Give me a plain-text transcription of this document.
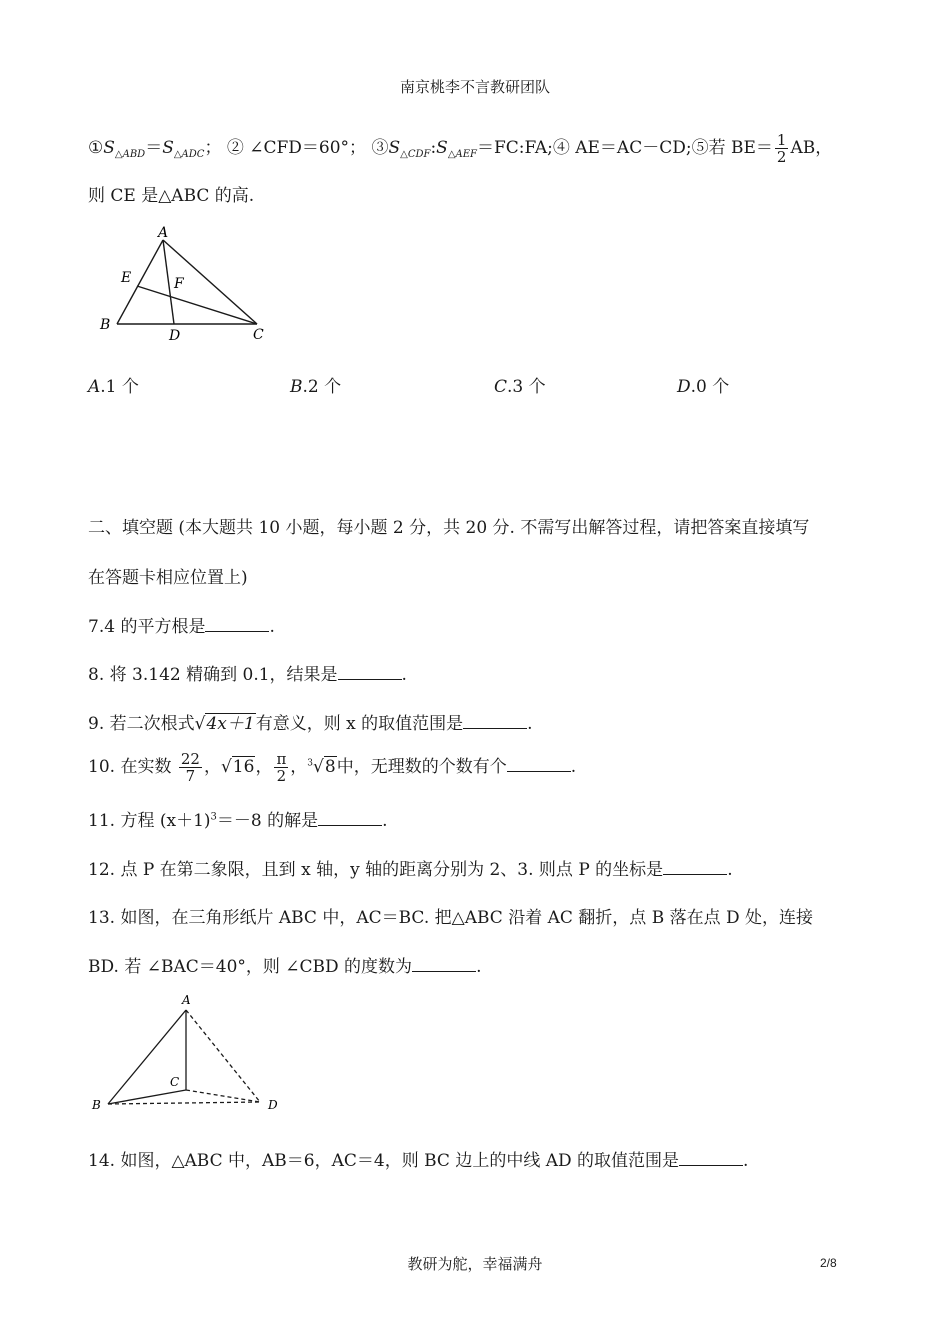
南京桃李不言教研团队
$①S_{\triangle ABD}=S_{\triangle ADC}$； ② ∠CFD＝60°； $③S_{\triangle CDF}:S_{\triangle AEF}=FC:FA;④$ AE＝AC－CD;⑤若 $BE= \frac{1}{2}$ AB，
则 CE 是△ABC 的高.
A
E	F
B
D	C
A.1 个	B.2 个	C.3 个	D.0 个
二、填空题 (本大题共 10 小题，每小题 2 分，共 20 分. 不需写出解答过程，请把答案直接填写
在答题卡相应位置上)
7.4 的平方根是	.
8. 将 3.142 精确到 0.1，结果是	.
9. 若二次根式√4x＋1有意义，则 x 的取值范围是	.
10. 在实数 $\frac{22}{7}$ ，√16， $\frac{\pi}{2}$ ，$^3$√8中，无理数的个数有个	.
11. 方程 $(x+1)^3=-8$ 的解是	.
12. 点 P 在第二象限，且到 x 轴，y 轴的距离分别为 2、3. 则点 P 的坐标是	.
13. 如图，在三角形纸片 ABC 中，AC＝BC. 把△ABC 沿着 AC 翻折，点 B 落在点 D 处，连接
BD. 若 ∠BAC＝40°，则 ∠CBD 的度数为	.
A
C
B	D
14. 如图，△ABC 中，AB＝6，AC＝4，则 BC 边上的中线 AD 的取值范围是	.
教研为舵，幸福满舟	2/8
